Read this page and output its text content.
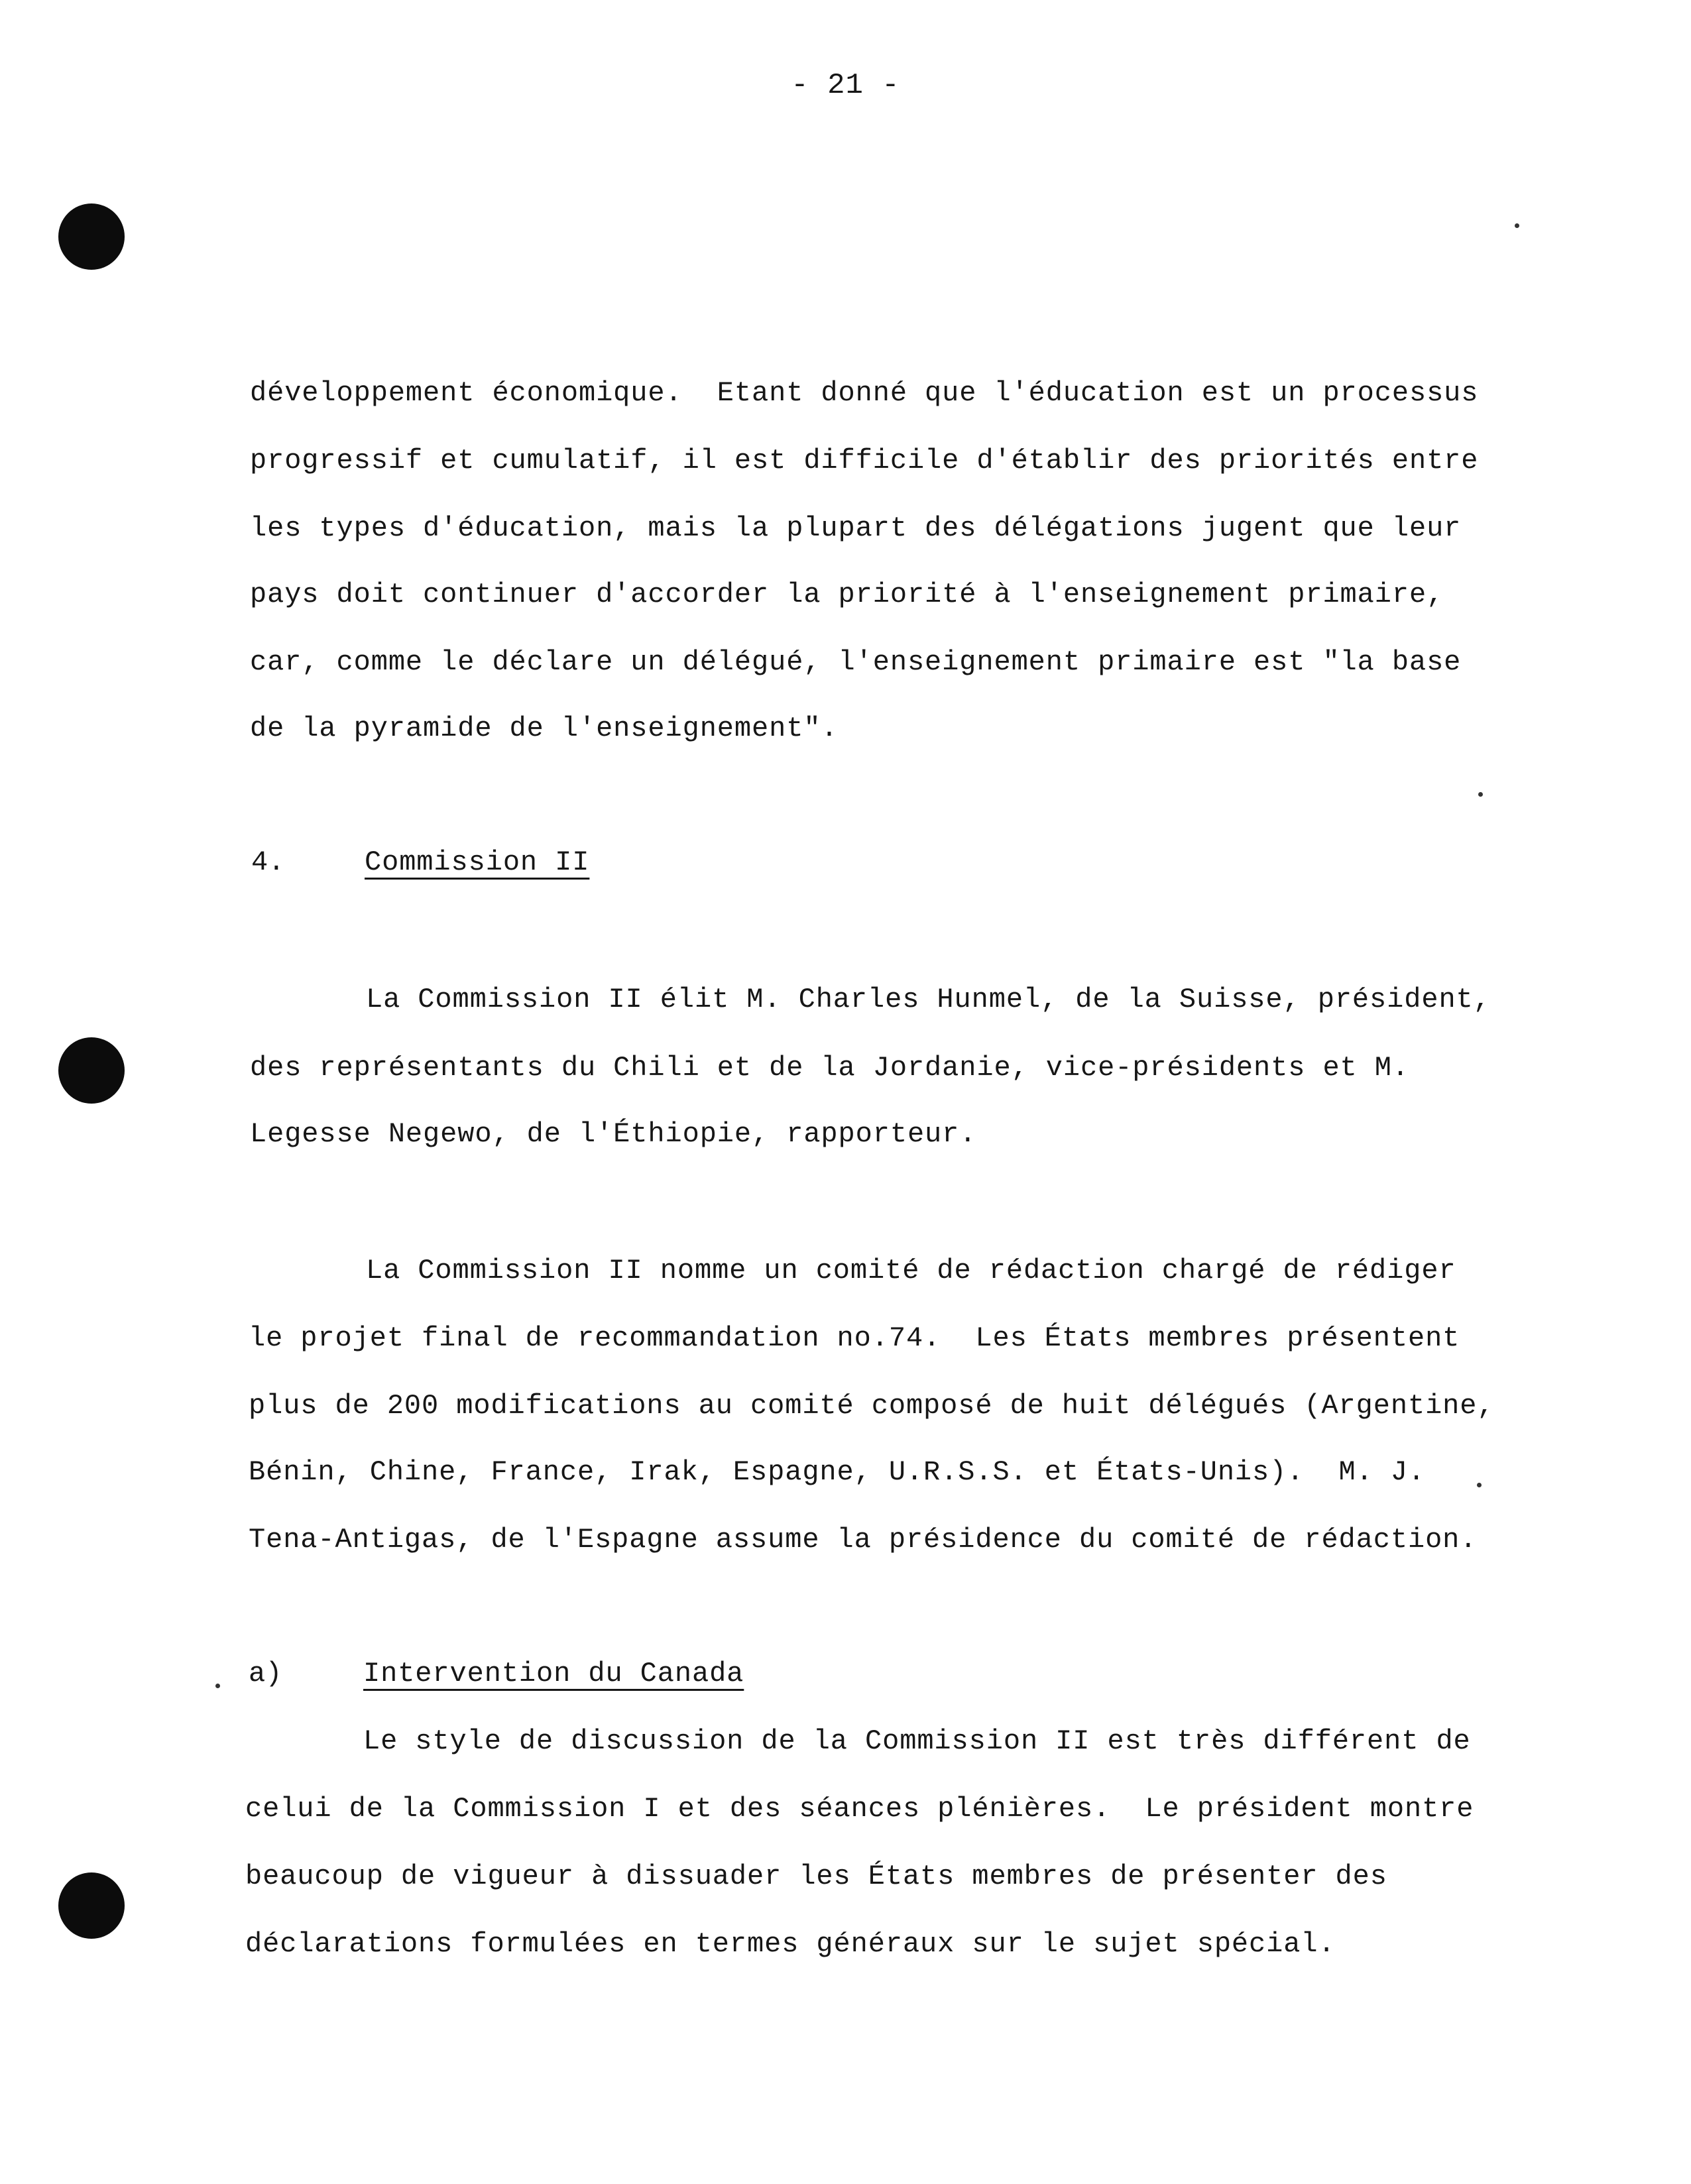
- 21 -
développement économique.  Etant donné que l'éducation est un processus
progressif et cumulatif, il est difficile d'établir des priorités entre
les types d'éducation, mais la plupart des délégations jugent que leur
pays doit continuer d'accorder la priorité à l'enseignement primaire,
car, comme le déclare un délégué, l'enseignement primaire est "la base
de la pyramide de l'enseignement".
4.	Commission II
La Commission II élit M. Charles Hunmel, de la Suisse, président,
des représentants du Chili et de la Jordanie, vice-présidents et M.
Legesse Negewo, de l'Éthiopie, rapporteur.
La Commission II nomme un comité de rédaction chargé de rédiger
le projet final de recommandation no.74.  Les États membres présentent
plus de 200 modifications au comité composé de huit délégués (Argentine,
Bénin, Chine, France, Irak, Espagne, U.R.S.S. et États-Unis).  M. J.
Tena-Antigas, de l'Espagne assume la présidence du comité de rédaction.
a)	Intervention du Canada
Le style de discussion de la Commission II est très différent de
celui de la Commission I et des séances plénières.  Le président montre
beaucoup de vigueur à dissuader les États membres de présenter des
déclarations formulées en termes généraux sur le sujet spécial.
